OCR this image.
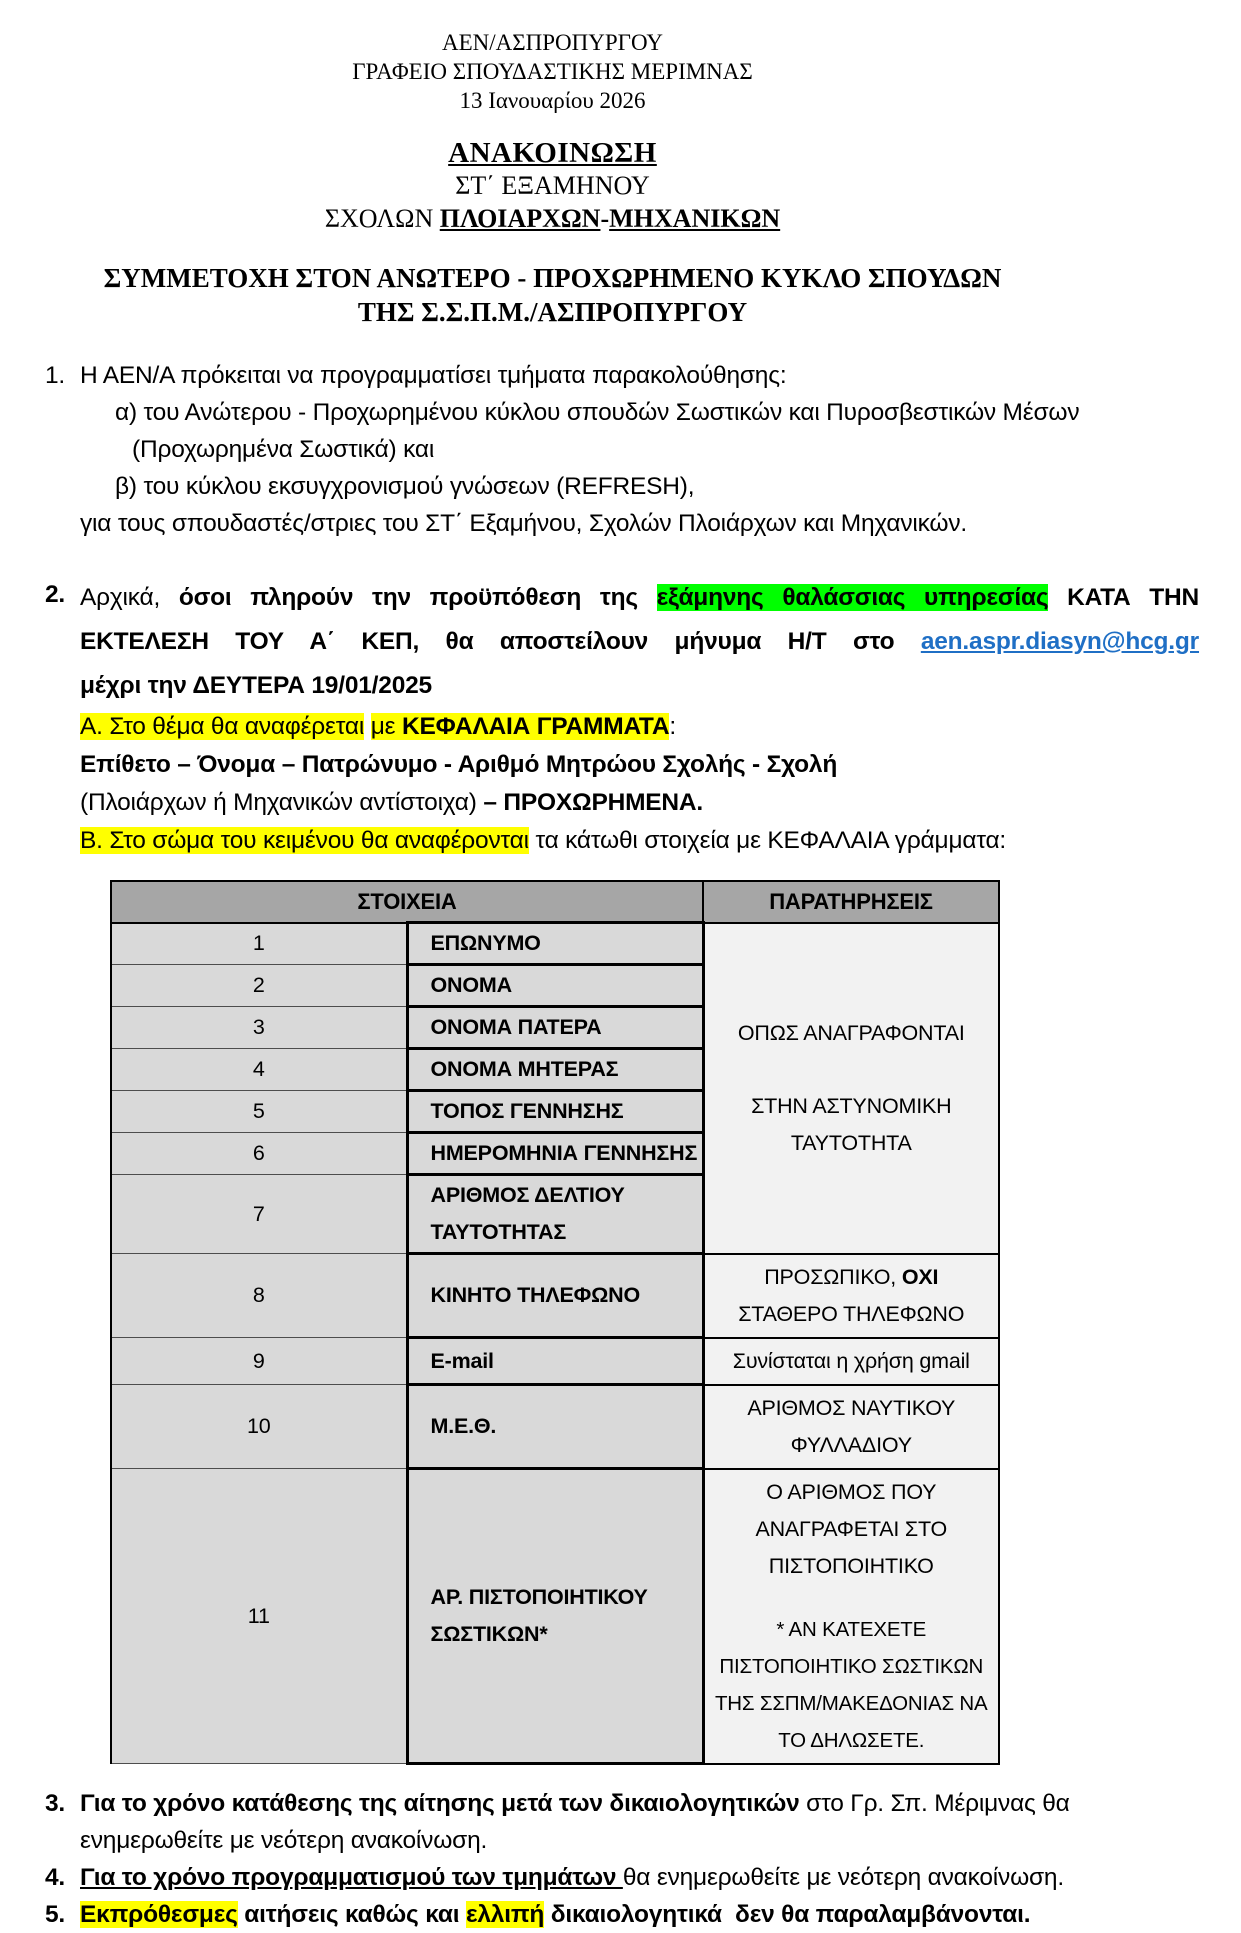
ΑΕΝ/ΑΣΠΡΟΠΥΡΓΟΥ
ΓΡΑΦΕΙΟ ΣΠΟΥΔΑΣΤΙΚΗΣ ΜΕΡΙΜΝΑΣ
13 Ιανουαρίου 2026
ΑΝΑΚΟΙΝΩΣΗ
ΣΤ΄ ΕΞΑΜΗΝΟΥ
ΣΧΟΛΩΝ ΠΛΟΙΑΡΧΩΝ-ΜΗΧΑΝΙΚΩΝ
ΣΥΜΜΕΤΟΧΗ ΣΤΟΝ ΑΝΩΤΕΡΟ - ΠΡΟΧΩΡΗΜΕΝΟ ΚΥΚΛΟ ΣΠΟΥΔΩΝ
ΤΗΣ Σ.Σ.Π.Μ./ΑΣΠΡΟΠΥΡΓΟΥ
1. Η ΑΕΝ/Α πρόκειται να προγραμματίσει τμήματα παρακολούθησης:
α) του Ανώτερου - Προχωρημένου κύκλου σπουδών Σωστικών και Πυροσβεστικών Μέσων (Προχωρημένα Σωστικά) και
β) του κύκλου εκσυγχρονισμού γνώσεων (REFRESH),
για τους σπουδαστές/στριες του ΣΤ΄ Εξαμήνου, Σχολών Πλοιάρχων και Μηχανικών.
2. Αρχικά, όσοι πληρούν την προϋπόθεση της εξάμηνης θαλάσσιας υπηρεσίας ΚΑΤΑ ΤΗΝ
ΕΚΤΕΛΕΣΗ ΤΟΥ Α΄ ΚΕΠ, θα αποστείλουν μήνυμα Η/Τ στο aen.aspr.diasyn@hcg.gr
μέχρι την ΔΕΥΤΕΡΑ 19/01/2025
Α. Στο θέμα θα αναφέρεται με ΚΕΦΑΛΑΙΑ ΓΡΑΜΜΑΤΑ:
Επίθετο – Όνομα – Πατρώνυμο - Αριθμό Μητρώου Σχολής - Σχολή
(Πλοιάρχων ή Μηχανικών αντίστοιχα) – ΠΡΟΧΩΡΗΜΕΝΑ.
Β. Στο σώμα του κειμένου θα αναφέρονται τα κάτωθι στοιχεία με ΚΕΦΑΛΑΙΑ γράμματα:
ΣΤΟΙΧΕΙΑ		ΠΑΡΑΤΗΡΗΣΕΙΣ
1	ΕΠΩΝΥΜΟ	ΟΠΩΣ ΑΝΑΓΡΑΦΟΝΤΑΙ
ΣΤΗΝ ΑΣΤΥΝΟΜΙΚΗ ΤΑΥΤΟΤΗΤΑ

2	ΟΝΟΜΑ	
3	ΟΝΟΜΑ ΠΑΤΕΡΑ	
4	ΟΝΟΜΑ ΜΗΤΕΡΑΣ	
5	ΤΟΠΟΣ ΓΕΝΝΗΣΗΣ	
6	ΗΜΕΡΟΜΗΝΙΑ ΓΕΝΝΗΣΗΣ	
7	ΑΡΙΘΜΟΣ ΔΕΛΤΙΟΥ ΤΑΥΤΟΤΗΤΑΣ	

8	ΚΙΝΗΤΟ ΤΗΛΕΦΩΝΟ	ΠΡΟΣΩΠΙΚΟ, ΟΧΙ ΣΤΑΘΕΡΟ ΤΗΛΕΦΩΝΟ
9	E-mail	Συνίσταται η χρήση gmail
10	Μ.Ε.Θ.	ΑΡΙΘΜΟΣ ΝΑΥΤΙΚΟΥ ΦΥΛΛΑΔΙΟΥ
11	ΑΡ. ΠΙΣΤΟΠΟΙΗΤΙΚΟΥ ΣΩΣΤΙΚΩΝ*	Ο ΑΡΙΘΜΟΣ ΠΟΥ ΑΝΑΓΡΑΦΕΤΑΙ ΣΤΟ ΠΙΣΤΟΠΟΙΗΤΙΚΟ
* ΑΝ ΚΑΤΕΧΕΤΕ ΠΙΣΤΟΠΟΙΗΤΙΚΟ ΣΩΣΤΙΚΩΝ ΤΗΣ ΣΣΠΜ/ΜΑΚΕΔΟΝΙΑΣ ΝΑ ΤΟ ΔΗΛΩΣΕΤΕ.
3. Για το χρόνο κατάθεσης της αίτησης μετά των δικαιολογητικών στο Γρ. Σπ. Μέριμνας θα ενημερωθείτε με νεότερη ανακοίνωση.
4. Για το χρόνο προγραμματισμού των τμημάτων θα ενημερωθείτε με νεότερη ανακοίνωση.
5. Εκπρόθεσμες αιτήσεις καθώς και ελλιπή δικαιολογητικά  δεν θα παραλαμβάνονται.
